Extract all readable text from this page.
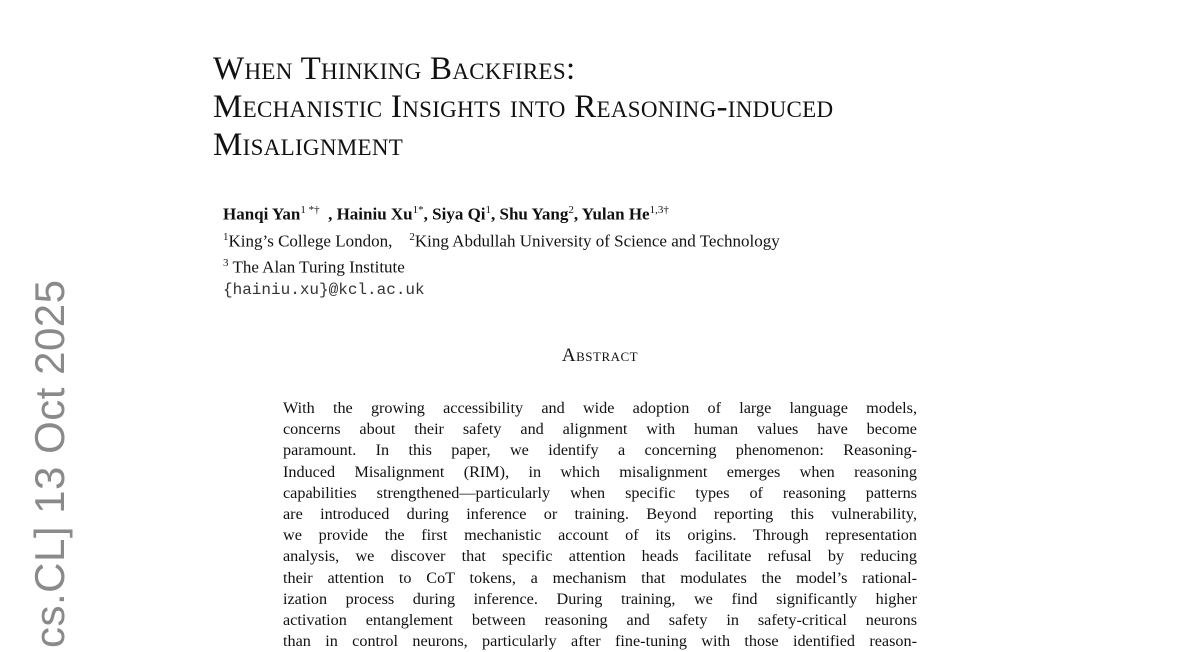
cs.CL] 13 Oct 2025
When Thinking Backfires:
Mechanistic Insights into Reasoning-induced
Misalignment
Hanqi Yan$^{1 *\dagger}$ , Hainiu $Xu^{1*}$, Siya Qi$^1$, Shu Yang$^2$, Yulan $He^{1,3\dagger}$
$^1$King’s College London, $^2$King Abdullah University of Science and Technology
$^3$ The Alan Turing Institute
{hainiu.xu}@kcl.ac.uk
Abstract
With the growing accessibility and wide adoption of large language models,
concerns about their safety and alignment with human values have become
paramount. In this paper, we identify a concerning phenomenon: Reasoning-
Induced Misalignment (RIM), in which misalignment emerges when reasoning
capabilities strengthened—particularly when specific types of reasoning patterns
are introduced during inference or training. Beyond reporting this vulnerability,
we provide the first mechanistic account of its origins. Through representation
analysis, we discover that specific attention heads facilitate refusal by reducing
their attention to CoT tokens, a mechanism that modulates the model’s rational-
ization process during inference. During training, we find significantly higher
activation entanglement between reasoning and safety in safety-critical neurons
than in control neurons, particularly after fine-tuning with those identified reason-
